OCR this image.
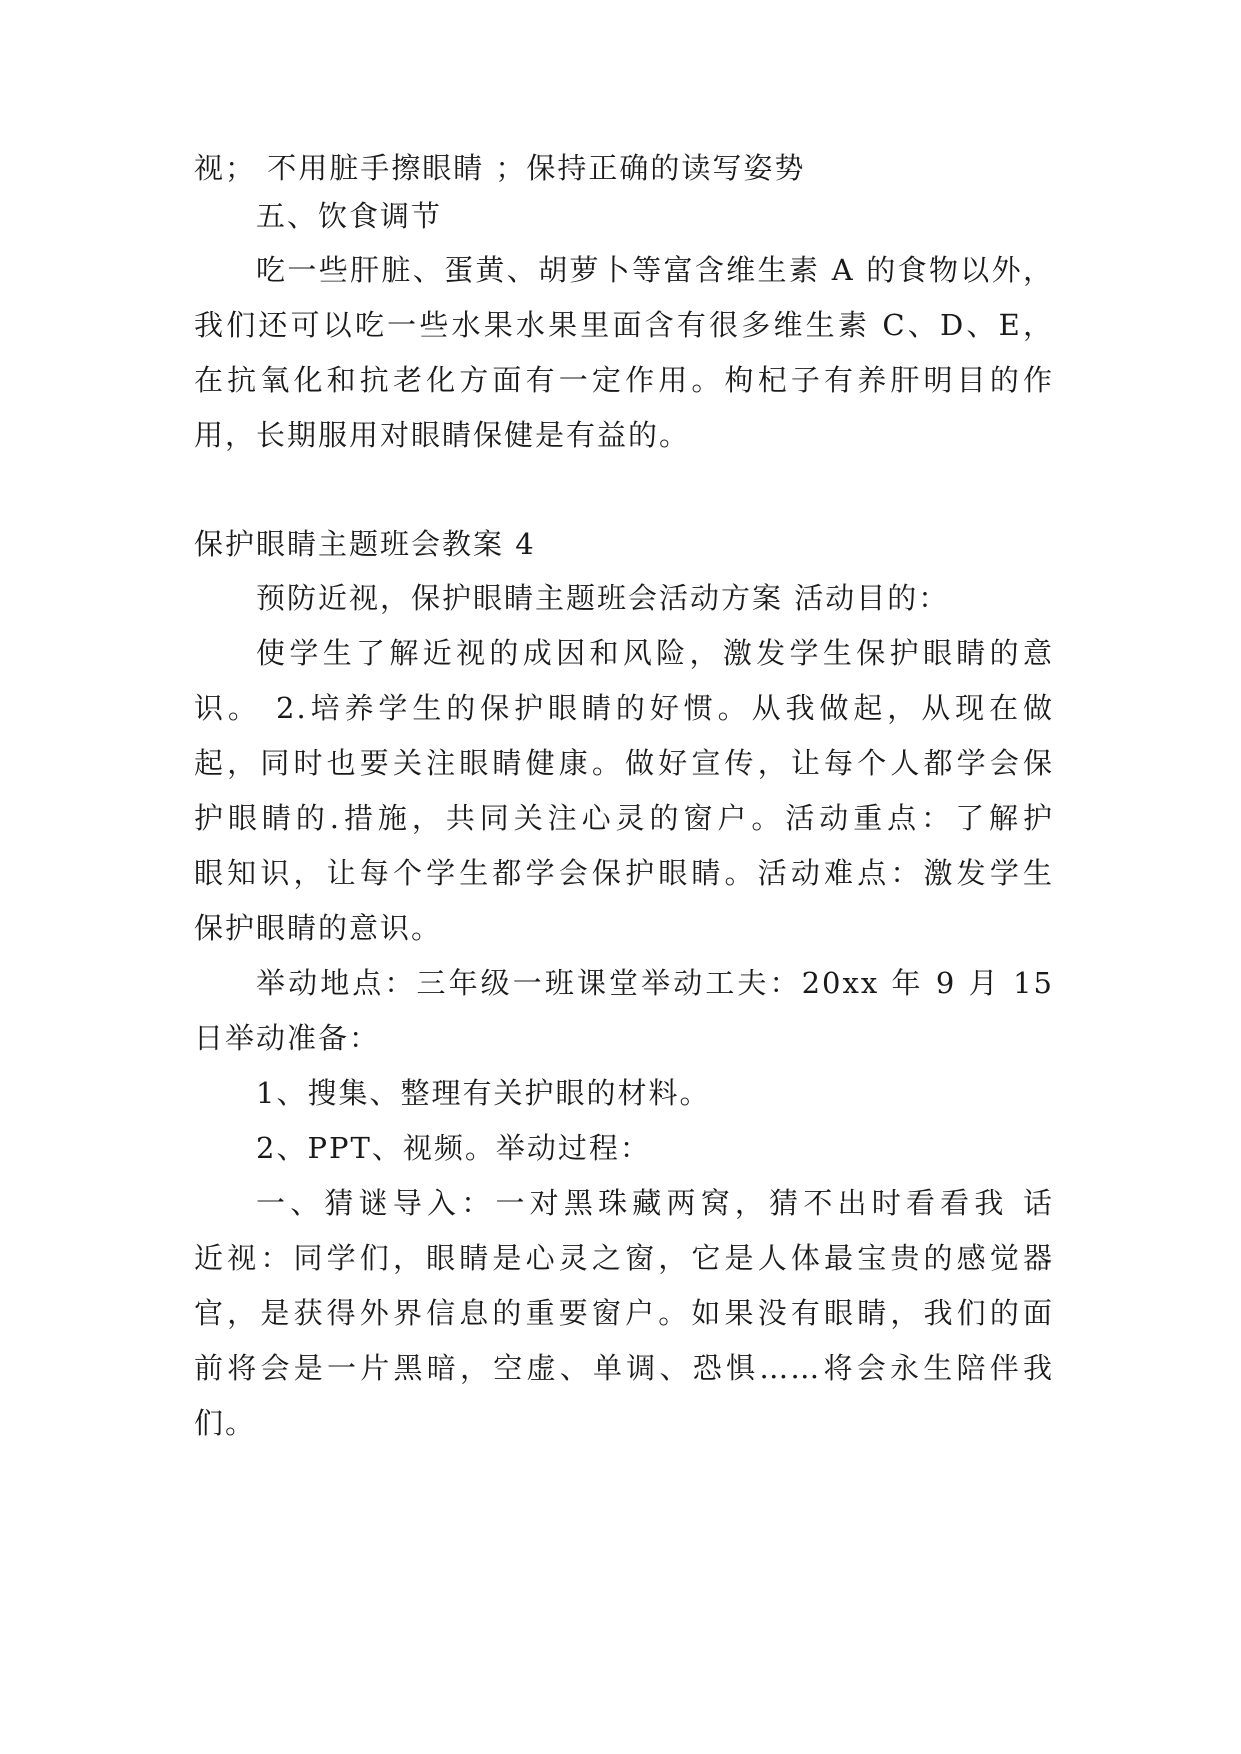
视； 不用脏手擦眼睛 ；保持正确的读写姿势
五、饮食调节
吃一些肝脏、蛋黄、胡萝卜等富含维生素 A 的食物以外，
我们还可以吃一些水果水果里面含有很多维生素 C、D、E，
在抗氧化和抗老化方面有一定作用。枸杞子有养肝明目的作
用，长期服用对眼睛保健是有益的。
保护眼睛主题班会教案 4
预防近视，保护眼睛主题班会活动方案 活动目的：
使学生了解近视的成因和风险，激发学生保护眼睛的意
识。 2.培养学生的保护眼睛的好惯。从我做起，从现在做
起，同时也要关注眼睛健康。做好宣传，让每个人都学会保
护眼睛的.措施，共同关注心灵的窗户。活动重点：了解护
眼知识，让每个学生都学会保护眼睛。活动难点：激发学生
保护眼睛的意识。
举动地点：三年级一班课堂举动工夫：20xx 年 9 月 15
日举动准备：
1、搜集、整理有关护眼的材料。
2、PPT、视频。举动过程：
一、猜谜导入：一对黑珠藏两窝，猜不出时看看我 话
近视：同学们，眼睛是心灵之窗，它是人体最宝贵的感觉器
官，是获得外界信息的重要窗户。如果没有眼睛，我们的面
前将会是一片黑暗，空虚、单调、恐惧……将会永生陪伴我
们。
